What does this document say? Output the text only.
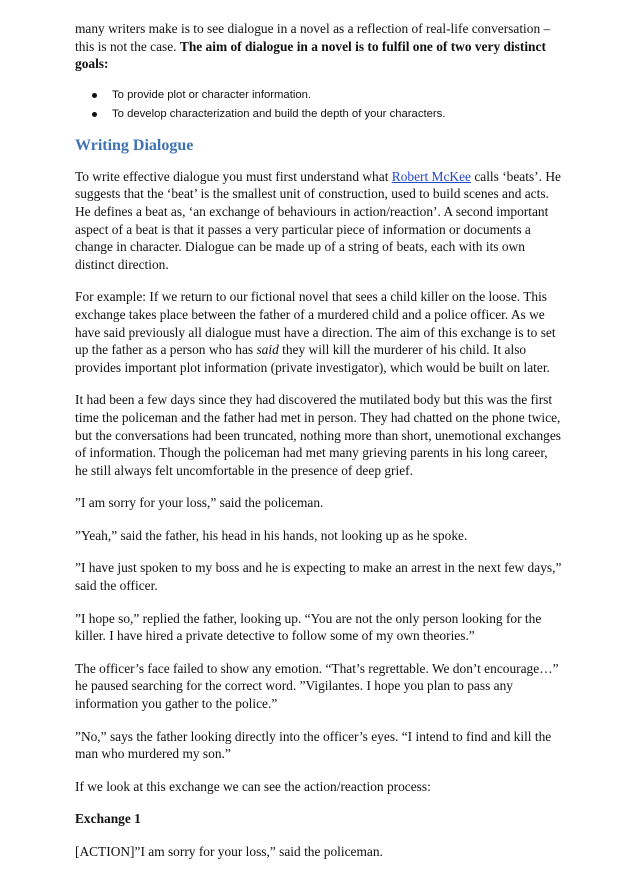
many writers make is to see dialogue in a novel as a reflection of real-life conversation – this is not the case. The aim of dialogue in a novel is to fulfil one of two very distinct goals:

To provide plot or character information.
To develop characterization and build the depth of your characters.
Writing Dialogue

To write effective dialogue you must first understand what Robert McKee calls ‘beats’. He suggests that the ‘beat’ is the smallest unit of construction, used to build scenes and acts. He defines a beat as, ‘an exchange of behaviours in action/reaction’. A second important aspect of a beat is that it passes a very particular piece of information or documents a change in character. Dialogue can be made up of a string of beats, each with its own distinct direction.

For example: If we return to our fictional novel that sees a child killer on the loose. This exchange takes place between the father of a murdered child and a police officer. As we have said previously all dialogue must have a direction. The aim of this exchange is to set up the father as a person who has said they will kill the murderer of his child. It also provides important plot information (private investigator), which would be built on later.

It had been a few days since they had discovered the mutilated body but this was the first time the policeman and the father had met in person. They had chatted on the phone twice, but the conversations had been truncated, nothing more than short, unemotional exchanges of information. Though the policeman had met many grieving parents in his long career, he still always felt uncomfortable in the presence of deep grief.

”I am sorry for your loss,” said the policeman.

”Yeah,” said the father, his head in his hands, not looking up as he spoke.

”I have just spoken to my boss and he is expecting to make an arrest in the next few days,” said the officer.

”I hope so,” replied the father, looking up. “You are not the only person looking for the killer. I have hired a private detective to follow some of my own theories.”

The officer’s face failed to show any emotion. “That’s regrettable. We don’t encourage…” he paused searching for the correct word. ”Vigilantes. I hope you plan to pass any information you gather to the police.”

”No,” says the father looking directly into the officer’s eyes. “I intend to find and kill the man who murdered my son.”

If we look at this exchange we can see the action/reaction process:

Exchange 1

[ACTION]”I am sorry for your loss,” said the policeman.
